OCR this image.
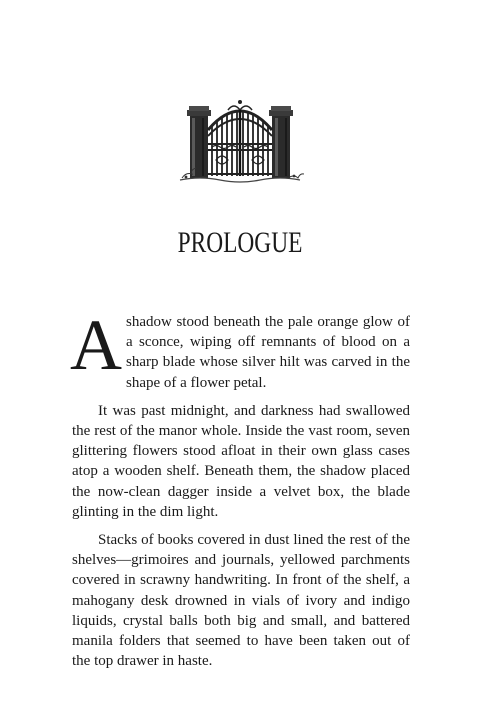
PROLOGUE

Ashadow stood beneath the pale orange glow of a sconce, wiping off remnants of blood on a sharp blade whose silver hilt was carved in the shape of a flower petal.

It was past midnight, and darkness had swallowed the rest of the manor whole. Inside the vast room, seven glittering flowers stood afloat in their own glass cases atop a wooden shelf. Beneath them, the shadow placed the now-clean dagger inside a velvet box, the blade glinting in the dim light.

Stacks of books covered in dust lined the rest of the shelves—grimoires and journals, yellowed parchments covered in scrawny handwriting. In front of the shelf, a mahogany desk drowned in vials of ivory and indigo liquids, crystal balls both big and small, and battered manila folders that seemed to have been taken out of the top drawer in haste.
